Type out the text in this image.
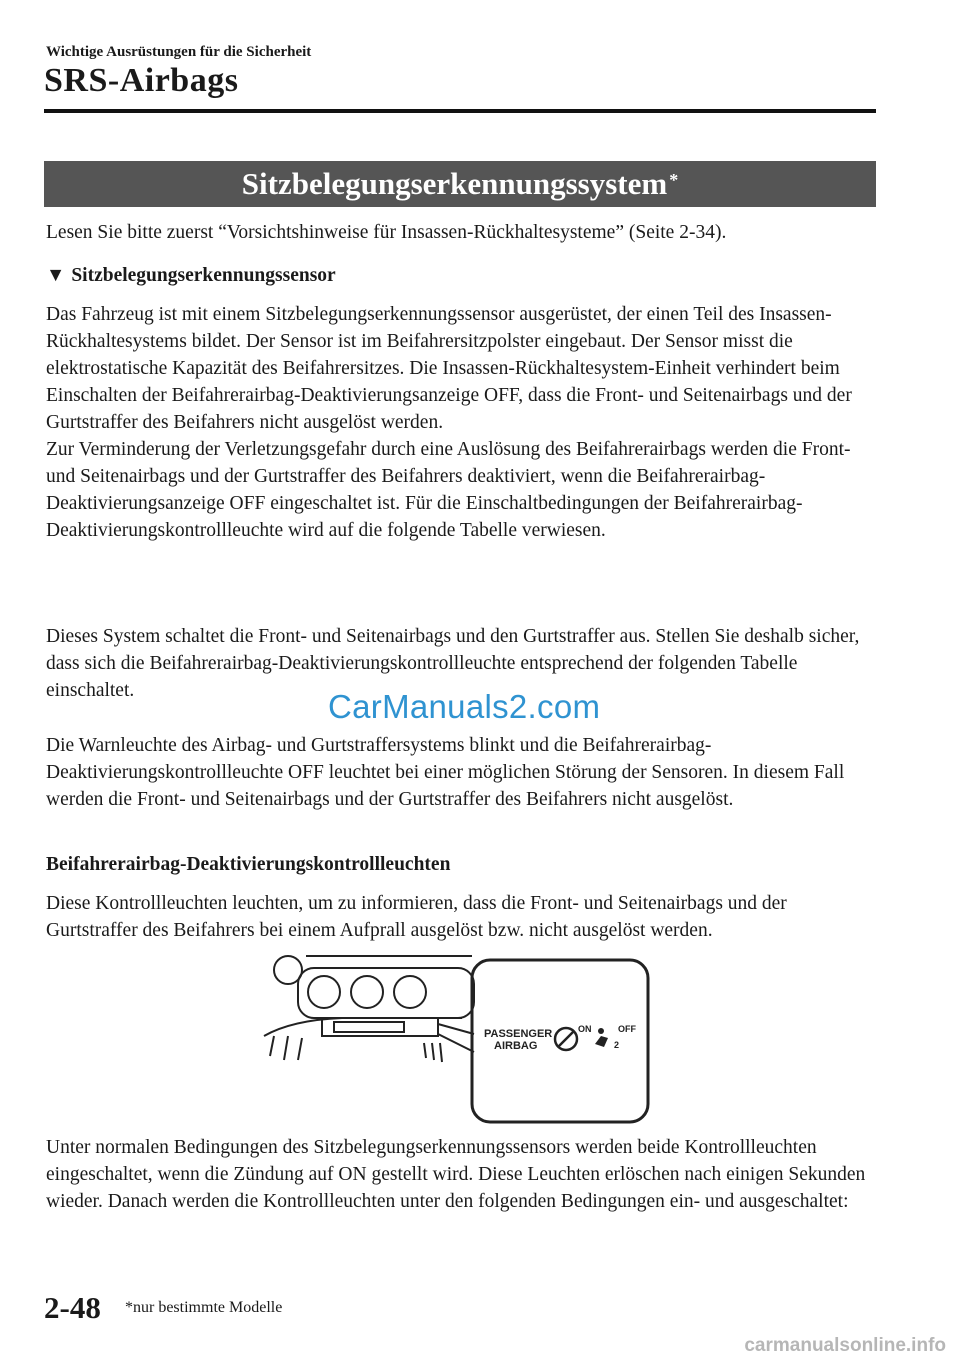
Wichtige Ausrüstungen für die Sicherheit
SRS-Airbags
Sitzbelegungserkennungssystem *
Lesen Sie bitte zuerst “Vorsichtshinweise für Insassen-Rückhaltesysteme” (Seite 2-34).
▼ Sitzbelegungserkennungssensor
Das Fahrzeug ist mit einem Sitzbelegungserkennungssensor ausgerüstet, der einen Teil des Insassen-Rückhaltesystems bildet. Der Sensor ist im Beifahrersitzpolster eingebaut. Der Sensor misst die elektrostatische Kapazität des Beifahrersitzes. Die Insassen-Rückhaltesystem-Einheit verhindert beim Einschalten der Beifahrerairbag-Deaktivierungsanzeige OFF, dass die Front- und Seitenairbags und der Gurtstraffer des Beifahrers nicht ausgelöst werden.
Zur Verminderung der Verletzungsgefahr durch eine Auslösung des Beifahrerairbags werden die Front- und Seitenairbags und der Gurtstraffer des Beifahrers deaktiviert, wenn die Beifahrerairbag-Deaktivierungsanzeige OFF eingeschaltet ist. Für die Einschaltbedingungen der Beifahrerairbag-Deaktivierungskontrollleuchte wird auf die folgende Tabelle verwiesen.
Dieses System schaltet die Front- und Seitenairbags und den Gurtstraffer aus. Stellen Sie deshalb sicher, dass sich die Beifahrerairbag-Deaktivierungskontrollleuchte entsprechend der folgenden Tabelle einschaltet.	CarManuals2.com
Die Warnleuchte des Airbag- und Gurtstraffersystems blinkt und die Beifahrerairbag-Deaktivierungskontrollleuchte OFF leuchtet bei einer möglichen Störung der Sensoren. In diesem Fall werden die Front- und Seitenairbags und der Gurtstraffer des Beifahrers nicht ausgelöst.
Beifahrerairbag-Deaktivierungskontrollleuchten
Diese Kontrollleuchten leuchten, um zu informieren, dass die Front- und Seitenairbags und der Gurtstraffer des Beifahrers bei einem Aufprall ausgelöst bzw. nicht ausgelöst werden.
PASSENGER
AIRBAG
ON	OFF
2
Unter normalen Bedingungen des Sitzbelegungserkennungssensors werden beide Kontrollleuchten eingeschaltet, wenn die Zündung auf ON gestellt wird. Diese Leuchten erlöschen nach einigen Sekunden wieder. Danach werden die Kontrollleuchten unter den folgenden Bedingungen ein- und ausgeschaltet:
2-48 *nur bestimmte Modelle
carmanualsonline.info
